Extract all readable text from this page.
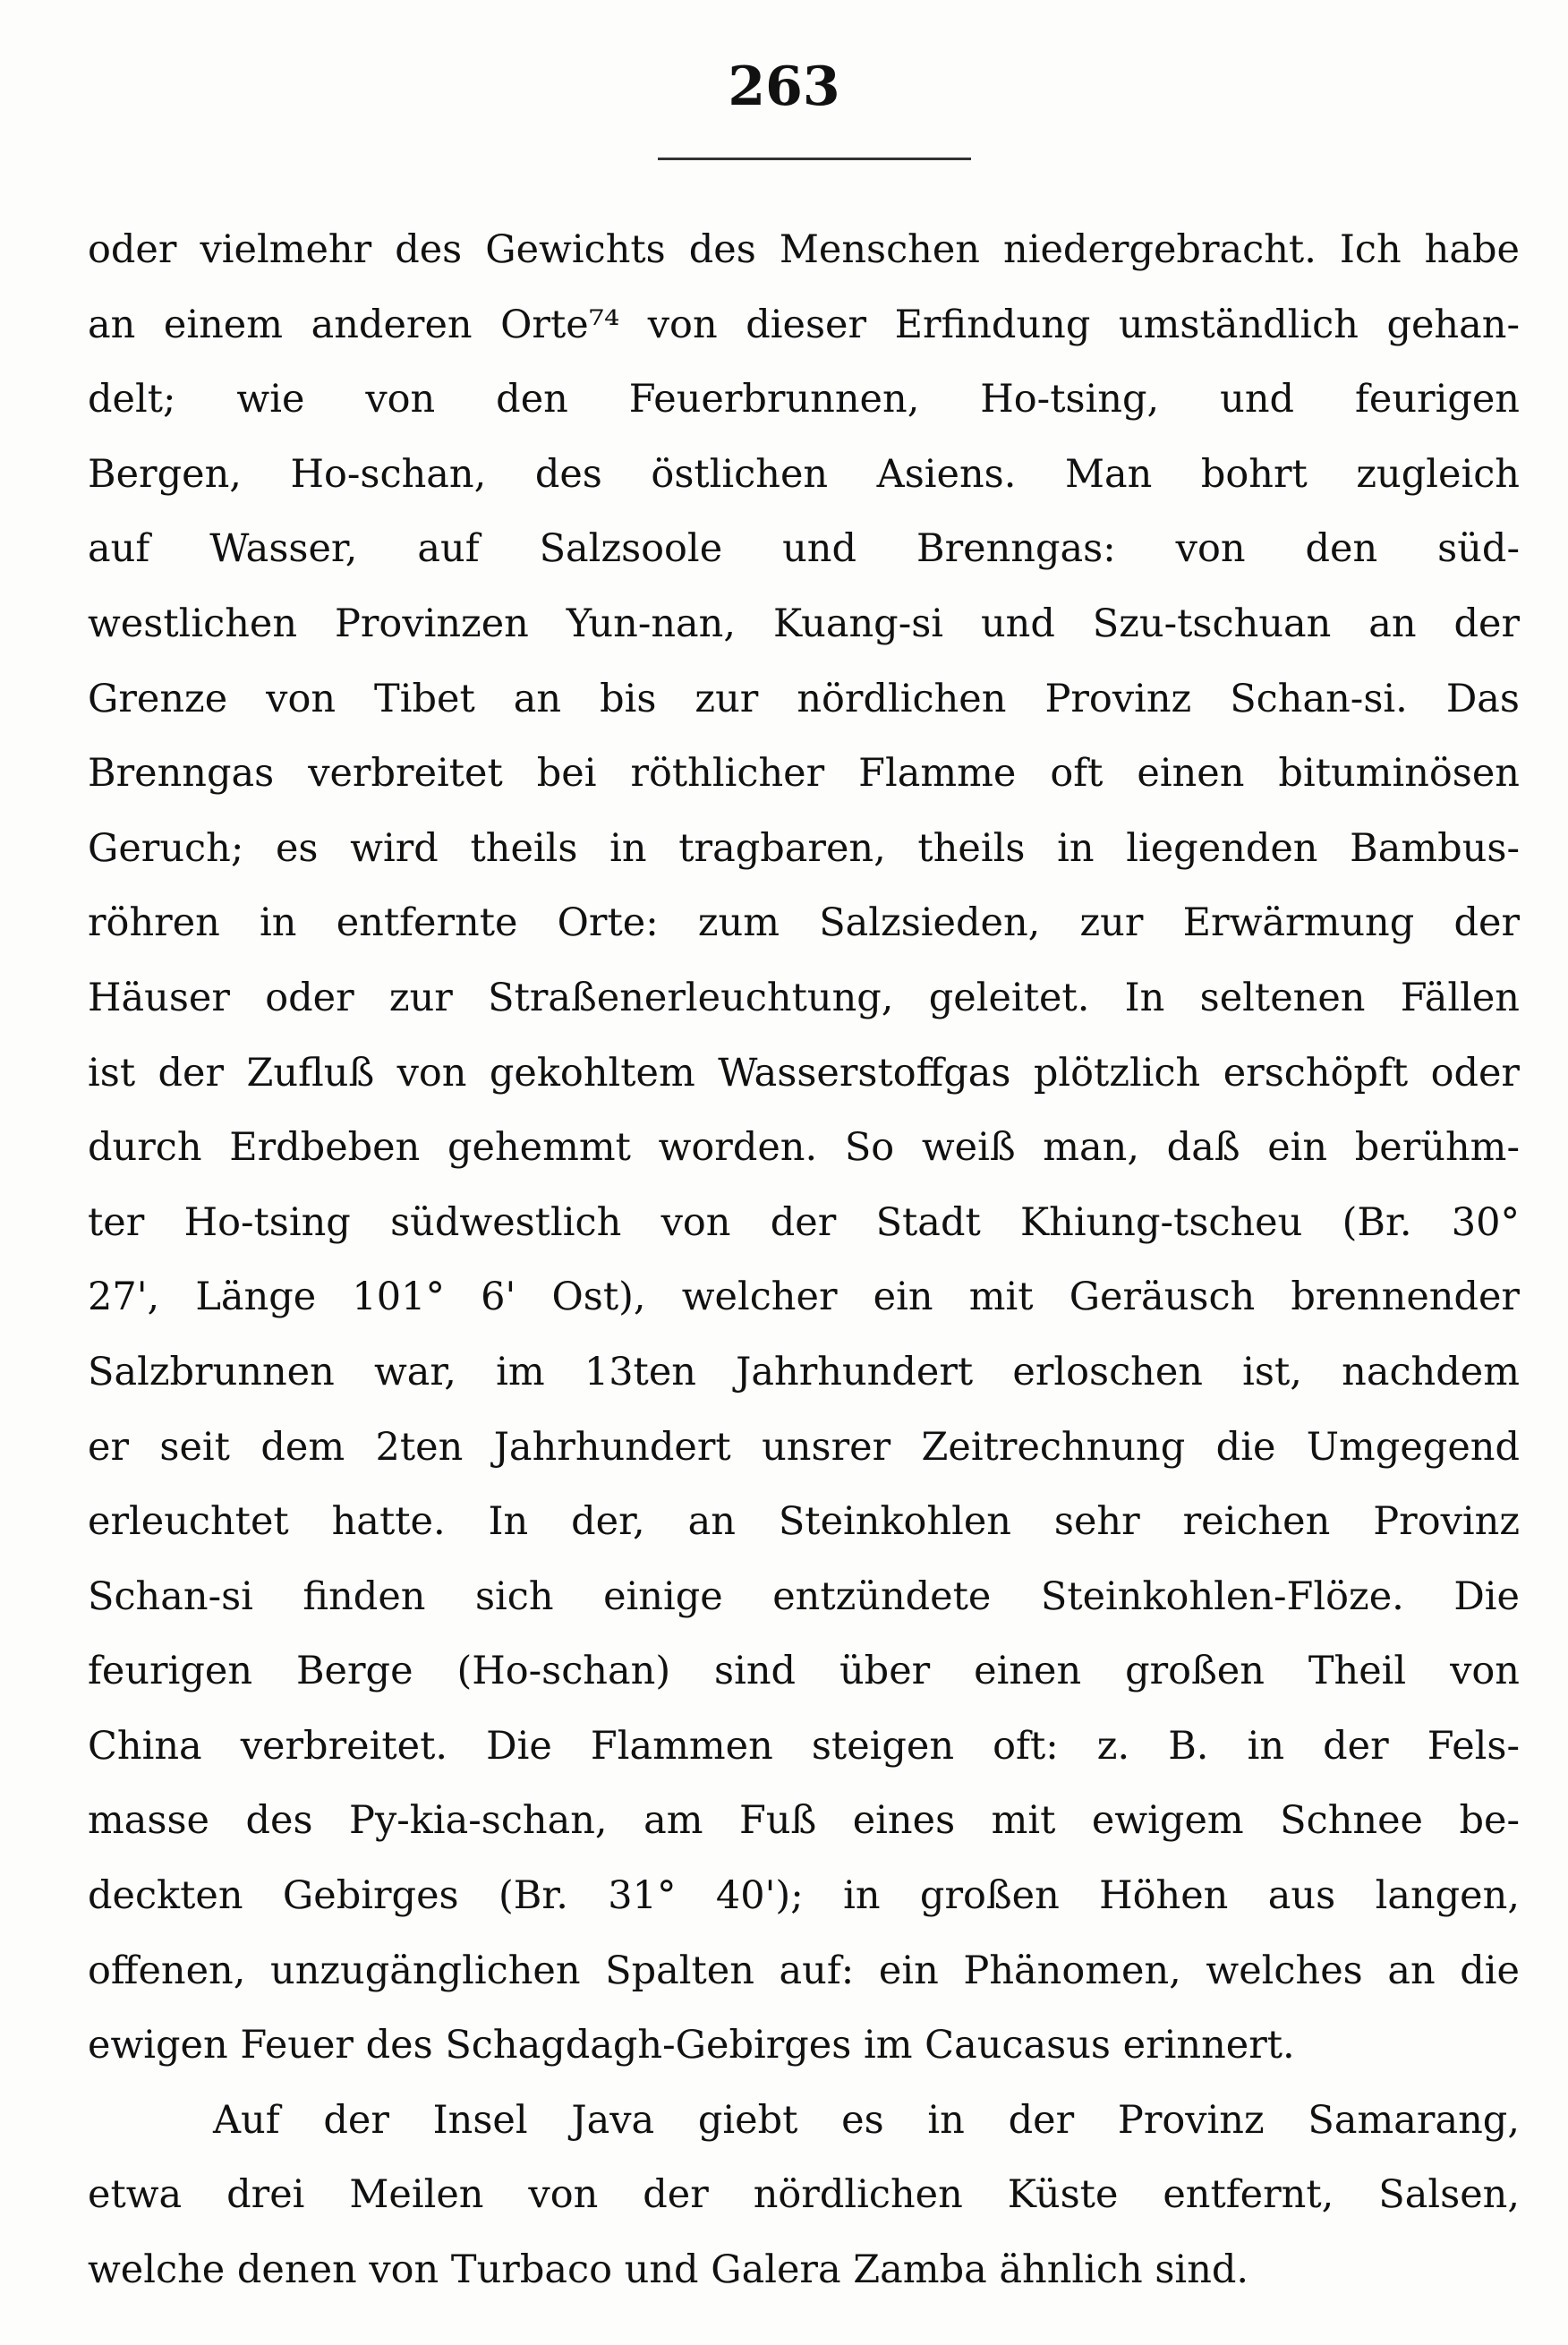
263
oder vielmehr des Gewichts des Menschen niedergebracht. Ich habe
an einem anderen Orte⁷⁴ von dieser Erfindung umständlich gehan-
delt; wie von den Feuerbrunnen, Ho-tsing, und feurigen
Bergen, Ho-schan, des östlichen Asiens. Man bohrt zugleich
auf Wasser, auf Salzsoole und Brenngas: von den süd-
westlichen Provinzen Yun-nan, Kuang-si und Szu-tschuan an der
Grenze von Tibet an bis zur nördlichen Provinz Schan-si. Das
Brenngas verbreitet bei röthlicher Flamme oft einen bituminösen
Geruch; es wird theils in tragbaren, theils in liegenden Bambus-
röhren in entfernte Orte: zum Salzsieden, zur Erwärmung der
Häuser oder zur Straßenerleuchtung, geleitet. In seltenen Fällen
ist der Zufluß von gekohltem Wasserstoffgas plötzlich erschöpft oder
durch Erdbeben gehemmt worden. So weiß man, daß ein berühm-
ter Ho-tsing südwestlich von der Stadt Khiung-tscheu (Br. 30°
27', Länge 101° 6' Ost), welcher ein mit Geräusch brennender
Salzbrunnen war, im 13ten Jahrhundert erloschen ist, nachdem
er seit dem 2ten Jahrhundert unsrer Zeitrechnung die Umgegend
erleuchtet hatte. In der, an Steinkohlen sehr reichen Provinz
Schan-si finden sich einige entzündete Steinkohlen-Flöze. Die
feurigen Berge (Ho-schan) sind über einen großen Theil von
China verbreitet. Die Flammen steigen oft: z. B. in der Fels-
masse des Py-kia-schan, am Fuß eines mit ewigem Schnee be-
deckten Gebirges (Br. 31° 40'); in großen Höhen aus langen,
offenen, unzugänglichen Spalten auf: ein Phänomen, welches an die
ewigen Feuer des Schagdagh-Gebirges im Caucasus erinnert.
Auf der Insel Java giebt es in der Provinz Samarang,
etwa drei Meilen von der nördlichen Küste entfernt, Salsen,
welche denen von Turbaco und Galera Zamba ähnlich sind.
